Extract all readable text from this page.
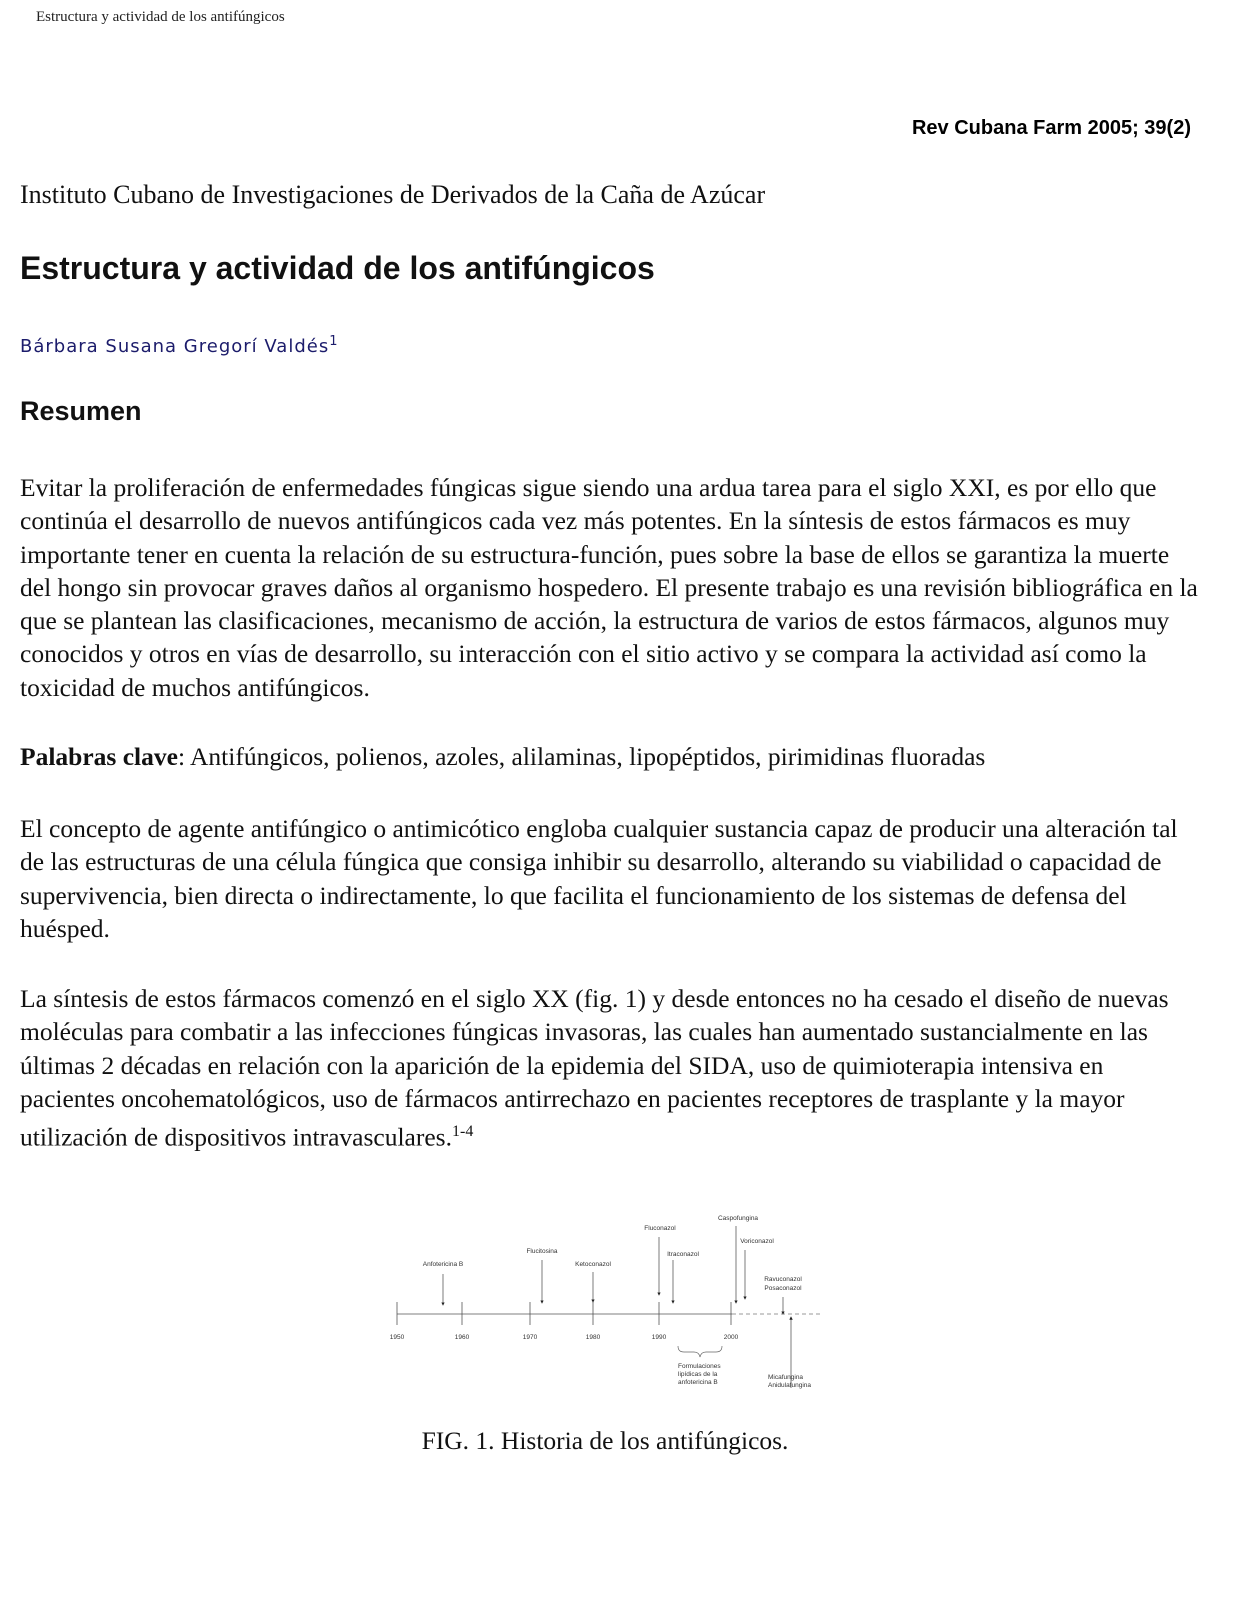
Estructura y actividad de los antifúngicos
Rev Cubana Farm 2005; 39(2)
Instituto Cubano de Investigaciones de Derivados de la Caña de Azúcar
Estructura y actividad de los antifúngicos
Bárbara Susana Gregorí Valdés$^1$
Resumen

Evitar la proliferación de enfermedades fúngicas sigue siendo una ardua tarea para el siglo XXI, es por ello que continúa el desarrollo de nuevos antifúngicos cada vez más potentes. En la síntesis de estos fármacos es muy importante tener en cuenta la relación de su estructura-función, pues sobre la base de ellos se garantiza la muerte del hongo sin provocar graves daños al organismo hospedero. El presente trabajo es una revisión bibliográfica en la que se plantean las clasificaciones, mecanismo de acción, la estructura de varios de estos fármacos, algunos muy conocidos y otros en vías de desarrollo, su interacción con el sitio activo y se compara la actividad así como la toxicidad de muchos antifúngicos.

Palabras clave: Antifúngicos, polienos, azoles, alilaminas, lipopéptidos, pirimidinas fluoradas

El concepto de agente antifúngico o antimicótico engloba cualquier sustancia capaz de producir una alteración tal de las estructuras de una célula fúngica que consiga inhibir su desarrollo, alterando su viabilidad o capacidad de supervivencia, bien directa o indirectamente, lo que facilita el funcionamiento de los sistemas de defensa del huésped.

La síntesis de estos fármacos comenzó en el siglo XX (fig. 1) y desde entonces no ha cesado el diseño de nuevas moléculas para combatir a las infecciones fúngicas invasoras, las cuales han aumentado sustancialmente en las últimas 2 décadas en relación con la aparición de la epidemia del SIDA, uso de quimioterapia intensiva en pacientes oncohematológicos, uso de fármacos antirrechazo en pacientes receptores de trasplante y la mayor utilización de dispositivos intravasculares.$^{1-4}$

1950	1960	1970	1980	1990	2000
Anfotericina B
Flucitosina
Ketoconazol
Fluconazol
Itraconazol
Caspofungina
Voriconazol
Ravuconazol
Posaconazol
Formulaciones
lipídicas de la
anfotericina B
Micafungina
Anidulafungina
FIG. 1. Historia de los antifúngicos.
